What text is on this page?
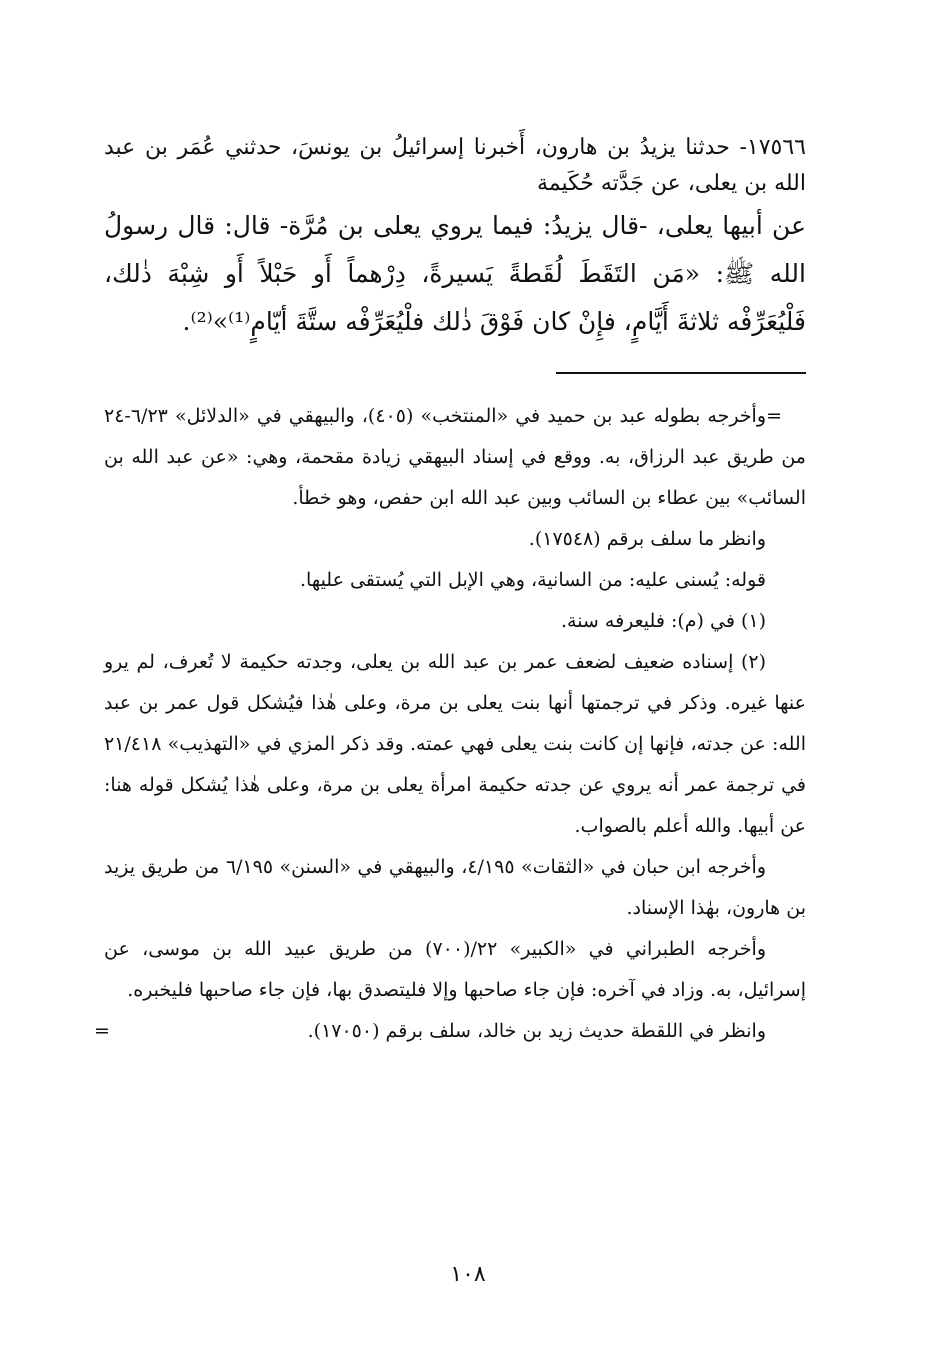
١٧٥٦٦- حدثنا يزيدُ بن هارون، أَخبرنا إسرائيلُ بن يونسَ، حدثني عُمَر بن عبد الله بن يعلى، عن جَدَّته حُكَيمة

عن أبيها يعلى، -قال يزيدُ: فيما يروي يعلى بن مُرَّة- قال: قال رسولُ الله ﷺ: «مَن التَقَطَ لُقَطةً يَسيرةً، دِرْهماً أَو حَبْلاً أَو شِبْهَ ذٰلك، فَلْيُعَرِّفْه ثلاثةَ أَيَّامٍ، فإِنْ كان فَوْقَ ذٰلك فلْيُعَرِّفْه ستَّةَ أيّامٍ⁽¹⁾»⁽²⁾.

=
وأخرجه بطوله عبد بن حميد في «المنتخب» (٤٠٥)، والبيهقي في «الدلائل» ٦/٢٣-٢٤ من طريق عبد الرزاق، به. ووقع في إسناد البيهقي زيادة مقحمة، وهي: «عن عبد الله بن السائب» بين عطاء بن السائب وبين عبد الله ابن حفص، وهو خطأ.

وانظر ما سلف برقم (١٧٥٤٨).

قوله: يُسنى عليه: من السانية، وهي الإبل التي يُستقى عليها.

(١) في (م): فليعرفه سنة.

(٢) إسناده ضعيف لضعف عمر بن عبد الله بن يعلى، وجدته حكيمة لا تُعرف، لم يرو عنها غيره. وذكر في ترجمتها أنها بنت يعلى بن مرة، وعلى هٰذا فيُشكل قول عمر بن عبد الله: عن جدته، فإنها إن كانت بنت يعلى فهي عمته. وقد ذكر المزي في «التهذيب» ٢١/٤١٨ في ترجمة عمر أنه يروي عن جدته حكيمة امرأة يعلى بن مرة، وعلى هٰذا يُشكل قوله هنا: عن أبيها. والله أعلم بالصواب.

وأخرجه ابن حبان في «الثقات» ٤/١٩٥، والبيهقي في «السنن» ٦/١٩٥ من طريق يزيد بن هارون، بهٰذا الإسناد.

وأخرجه الطبراني في «الكبير» ٢٢/(٧٠٠) من طريق عبيد الله بن موسى، عن إسرائيل، به. وزاد في آخره: فإن جاء صاحبها وإلا فليتصدق بها، فإن جاء صاحبها فليخبره.

وانظر في اللقطة حديث زيد بن خالد، سلف برقم (١٧٠٥٠).
=

١٠٨
